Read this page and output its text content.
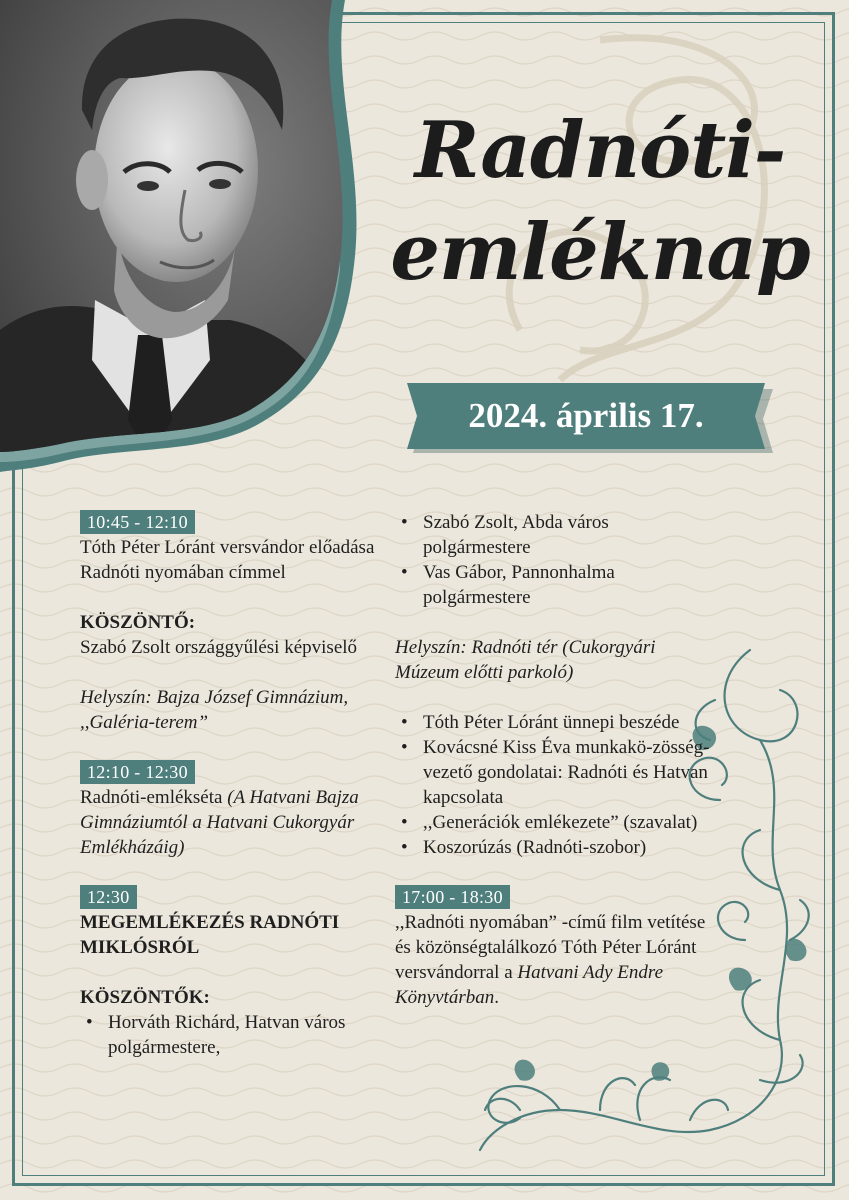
Radnóti-
emléknap
2024. április 17.
10:45 - 12:10

Tóth Péter Lóránt versvándor előadása Radnóti nyomában címmel

KÖSZÖNTŐ:

Szabó Zsolt országgyűlési képviselő

Helyszín: Bajza József Gimnázium, ,,Galéria-terem”

12:10 - 12:30

Radnóti-emlékséta (A Hatvani Bajza Gimnáziumtól a Hatvani Cukorgyár Emlékházáig)

12:30

MEGEMLÉKEZÉS RADNÓTI MIKLÓSRÓL

KÖSZÖNTŐK:

• Horváth Richárd, Hatvan város polgármestere,
• Szabó Zsolt, Abda város polgármestere
• Vas Gábor, Pannonhalma polgármestere

Helyszín: Radnóti tér (Cukorgyári Múzeum előtti parkoló)

• Tóth Péter Lóránt ünnepi beszéde
• Kovácsné Kiss Éva munkakö-zösség-vezető gondolatai: Radnóti és Hatvan kapcsolata
• ,,Generációk emlékezete” (szavalat)
• Koszorúzás (Radnóti-szobor)
17:00 - 18:30

,,Radnóti nyomában” -című film vetítése és közönségtalálkozó Tóth Péter Lóránt versvándorral a Hatvani Ady Endre Könyvtárban.
